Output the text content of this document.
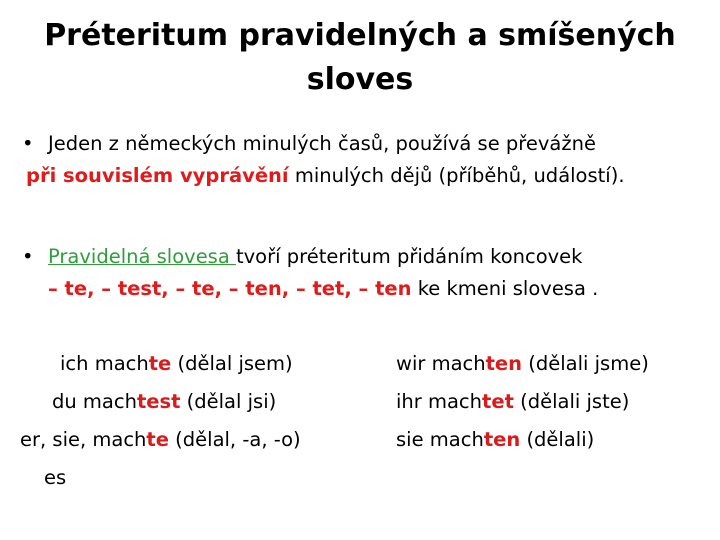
Préteritum pravidelných a smíšených sloves
• Jeden z německých minulých časů, používá se převážně
při souvislém vyprávění minulých dějů (příběhů, událostí).
• Pravidelná slovesa tvoří préteritum přidáním koncovek
– te, – test, – te, – ten, – tet, – ten ke kmeni slovesa .
ich machte (dělal jsem)
du machtest (dělal jsi)
er, sie, machte (dělal, -a, -o)
es
wir machten (dělali jsme)
ihr machtet (dělali jste)
sie machten (dělali)
